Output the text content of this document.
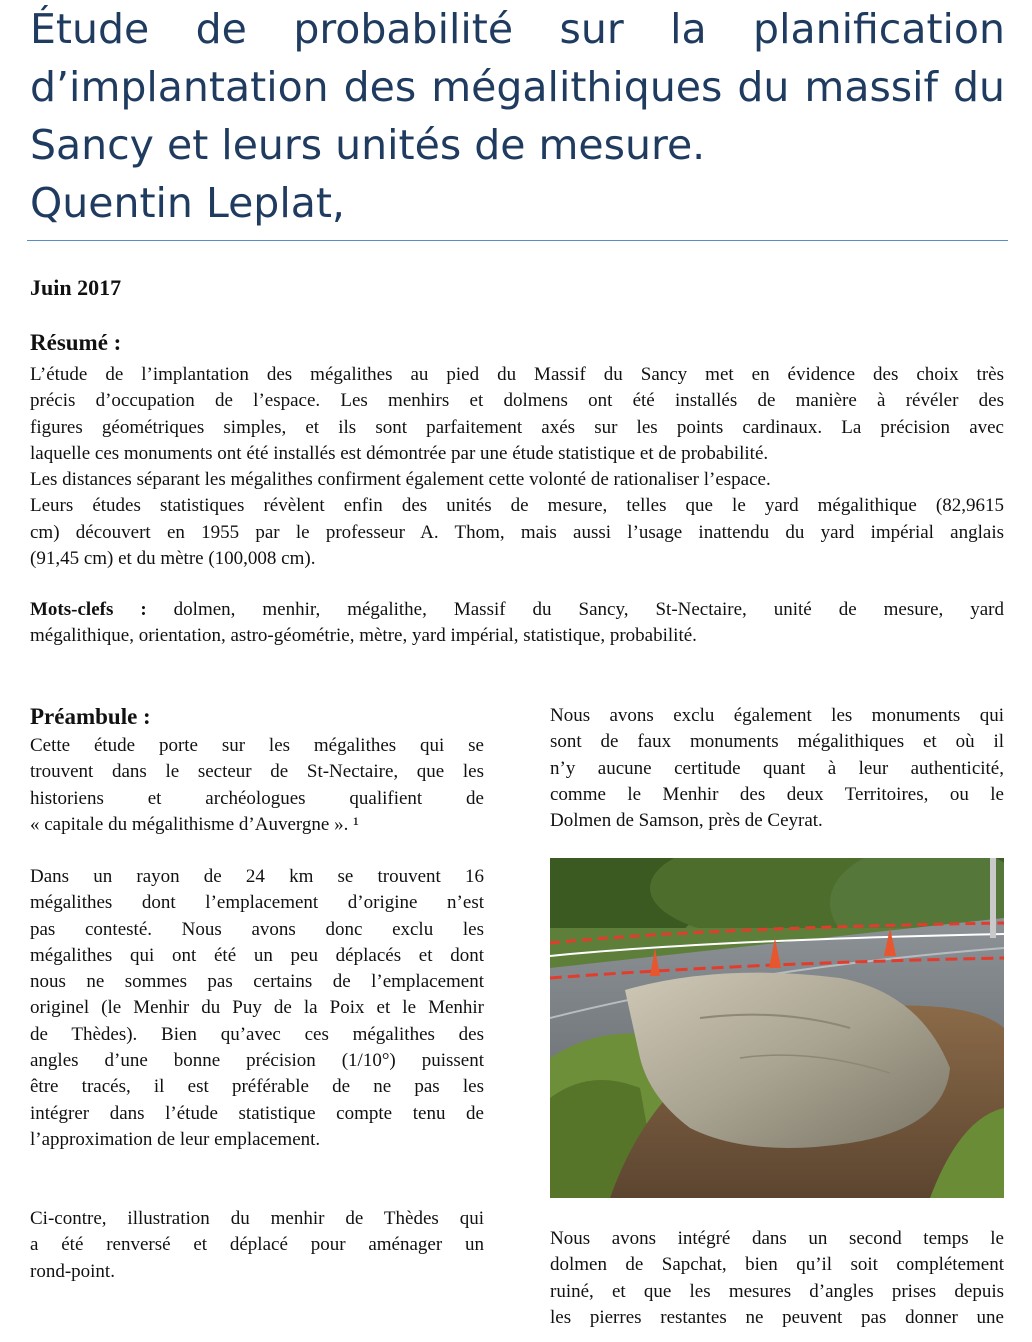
Étude de probabilité sur la planification
d’implantation des mégalithiques du massif du
Sancy et leurs unités de mesure.
Quentin Leplat,

Juin 2017

Résumé :
L’étude de l’implantation des mégalithes au pied du Massif du Sancy met en évidence des choix très
précis d’occupation de l’espace. Les menhirs et dolmens ont été installés de manière à révéler des
figures géométriques simples, et ils sont parfaitement axés sur les points cardinaux. La précision avec
laquelle ces monuments ont été installés est démontrée par une étude statistique et de probabilité.
Les distances séparant les mégalithes confirment également cette volonté de rationaliser l’espace.
Leurs études statistiques révèlent enfin des unités de mesure, telles que le yard mégalithique (82,9615
cm) découvert en 1955 par le professeur A. Thom, mais aussi l’usage inattendu du yard impérial anglais
(91,45 cm) et du mètre (100,008 cm).
Mots-clefs : dolmen, menhir, mégalithe, Massif du Sancy, St-Nectaire, unité de mesure, yard
mégalithique, orientation, astro-géométrie, mètre, yard impérial, statistique, probabilité.
Préambule :
Cette étude porte sur les mégalithes qui se
trouvent dans le secteur de St-Nectaire, que les
historiens et archéologues qualifient de
« capitale du mégalithisme d’Auvergne ». ¹
Dans un rayon de 24 km se trouvent 16
mégalithes dont l’emplacement d’origine n’est
pas contesté. Nous avons donc exclu les
mégalithes qui ont été un peu déplacés et dont
nous ne sommes pas certains de l’emplacement
originel (le Menhir du Puy de la Poix et le Menhir
de Thèdes). Bien qu’avec ces mégalithes des
angles d’une bonne précision (1/10°) puissent
être tracés, il est préférable de ne pas les
intégrer dans l’étude statistique compte tenu de
l’approximation de leur emplacement.
Ci-contre, illustration du menhir de Thèdes qui
a été renversé et déplacé pour aménager un
rond-point.
Nous avons exclu également les monuments qui
sont de faux monuments mégalithiques et où il
n’y aucune certitude quant à leur authenticité,
comme le Menhir des deux Territoires, ou le
Dolmen de Samson, près de Ceyrat.
Nous avons intégré dans un second temps le
dolmen de Sapchat, bien qu’il soit complétement
ruiné, et que les mesures d’angles prises depuis
les pierres restantes ne peuvent pas donner une
